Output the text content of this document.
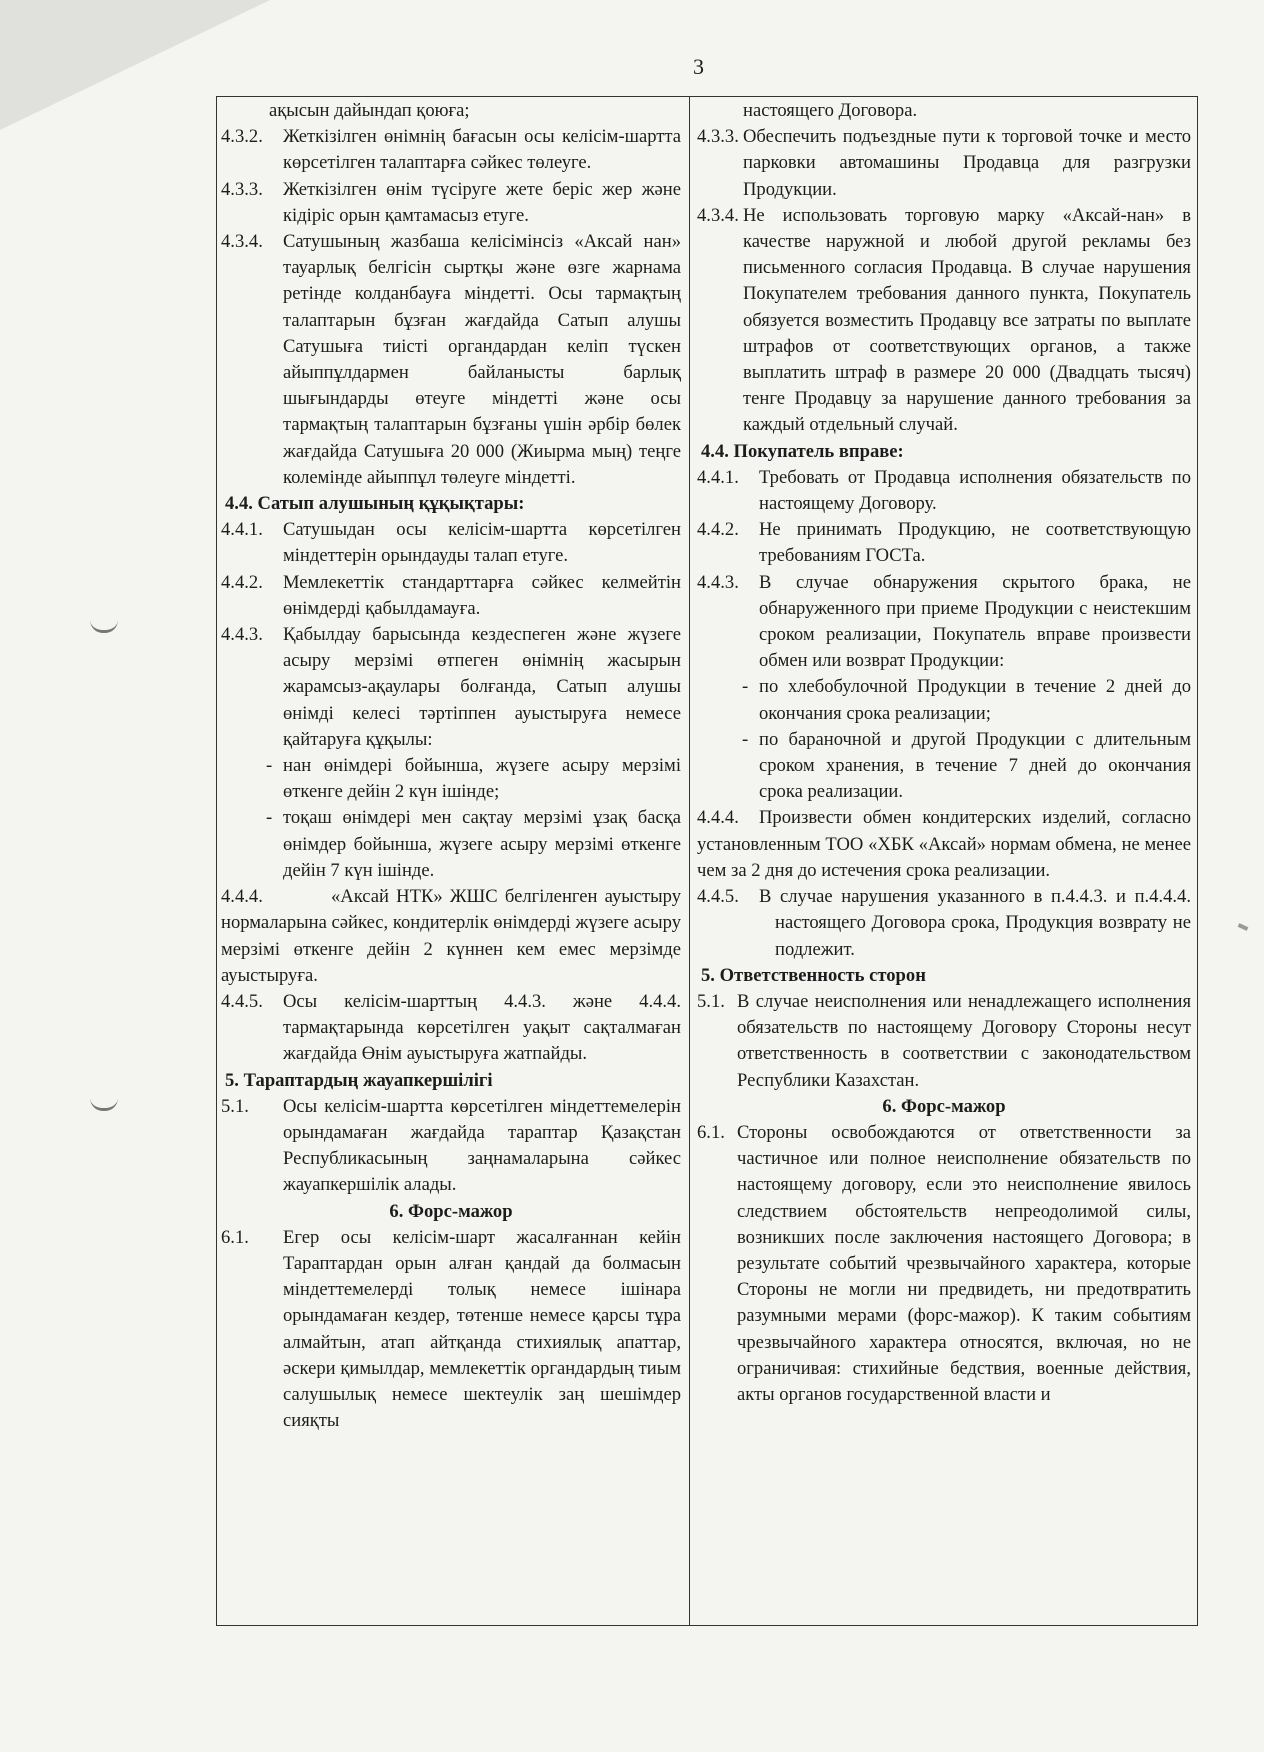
3
ақысын дайындап қоюға;
4.3.2. Жеткізілген өнімнің бағасын осы келісім-шартта көрсетілген талаптарға сәйкес төлеуге.
4.3.3. Жеткізілген өнім түсіруге жете беріс жер және кідіріс орын қамтамасыз етуге.
4.3.4. Сатушының жазбаша келісімінсіз «Аксай нан» тауарлық белгісін сыртқы және өзге жарнама ретінде колданбауға міндетті. Осы тармақтың талаптарын бұзған жағдайда Сатып алушы Сатушыға тиісті органдардан келіп түскен айыппұлдармен байланысты барлық шығындарды өтеуге міндетті және осы тармақтың талаптарын бұзғаны үшін әрбір бөлек жағдайда Сатушыға 20 000 (Жиырма мың) теңге колемінде айыппұл төлеуге міндетті.
4.4. Сатып алушының құқықтары:
4.4.1. Сатушыдан осы келісім-шартта көрсетілген міндеттерін орындауды талап етуге.
4.4.2. Мемлекеттік стандарттарға сәйкес келмейтін өнімдерді қабылдамауға.
4.4.3. Қабылдау барысында кездеспеген және жүзеге асыру мерзімі өтпеген өнімнің жасырын жарамсыз-ақаулары болғанда, Сатып алушы өнімді келесі тәртіппен ауыстыруға немесе қайтаруға құқылы:
- нан өнімдері бойынша, жүзеге асыру мерзімі өткенге дейін 2 күн ішінде;
- тоқаш өнімдері мен сақтау мерзімі ұзақ басқа өнімдер бойынша, жүзеге асыру мерзімі өткенге дейін 7 күн ішінде.
4.4.4.	«Аксай НТК» ЖШС белгіленген ауыстыру нормаларына сәйкес, кондитерлік өнімдерді жүзеге асыру мерзімі өткенге дейін 2 күннен кем емес мерзімде ауыстыруға.
4.4.5. Осы келісім-шарттың 4.4.3. және 4.4.4. тармақтарында көрсетілген уақыт сақталмаған жағдайда Өнім ауыстыруға жатпайды.
5. Тараптардың жауапкершілігі
5.1. Осы келісім-шартта көрсетілген міндеттемелерін орындамаған жағдайда тараптар Қазақстан Республикасының заңнамаларына сәйкес жауапкершілік алады.
6. Форс-мажор
6.1. Егер осы келісім-шарт жасалғаннан кейін Тараптардан орын алған қандай да болмасын міндеттемелерді толық немесе ішінара орындамаған кездер, төтенше немесе қарсы тұра алмайтын, атап айтқанда стихиялық апаттар, әскери қимылдар, мемлекеттік органдардың тиым салушылық немесе шектеулік заң шешімдер сияқты
настоящего Договора.
4.3.3. Обеспечить подъездные пути к торговой точке и место парковки автомашины Продавца для разгрузки Продукции.
4.3.4. Не использовать торговую марку «Аксай-нан» в качестве наружной и любой другой рекламы без письменного согласия Продавца. В случае нарушения Покупателем требования данного пункта, Покупатель обязуется возместить Продавцу все затраты по выплате штрафов от соответствующих органов, а также выплатить штраф в размере 20 000 (Двадцать тысяч) тенге Продавцу за нарушение данного требования за каждый отдельный случай.
4.4. Покупатель вправе:
4.4.1. Требовать от Продавца исполнения обязательств по настоящему Договору.
4.4.2. Не принимать Продукцию, не соответствующую требованиям ГОСТа.
4.4.3. В случае обнаружения скрытого брака, не обнаруженного при приеме Продукции с неистекшим сроком реализации, Покупатель вправе произвести обмен или возврат Продукции:
- по хлебобулочной Продукции в течение 2 дней до окончания срока реализации;
- по бараночной и другой Продукции с длительным сроком хранения, в течение 7 дней до окончания срока реализации.
4.4.4. Произвести обмен кондитерских изделий, согласно установленным ТОО «ХБК «Аксай» нормам обмена, не менее чем за 2 дня до истечения срока реализации.
4.4.5. В случае нарушения указанного в п.4.4.3. и п.4.4.4. настоящего Договора срока, Продукция возврату не подлежит.
5. Ответственность сторон
5.1. В случае неисполнения или ненадлежащего исполнения обязательств по настоящему Договору Стороны несут ответственность в соответствии с законодательством Республики Казахстан.
6. Форс-мажор
6.1. Стороны освобождаются от ответственности за частичное или полное неисполнение обязательств по настоящему договору, если это неисполнение явилось следствием обстоятельств непреодолимой силы, возникших после заключения настоящего Договора; в результате событий чрезвычайного характера, которые Стороны не могли ни предвидеть, ни предотвратить разумными мерами (форс-мажор). К таким событиям чрезвычайного характера относятся, включая, но не ограничивая: стихийные бедствия, военные действия, акты органов государственной власти и
